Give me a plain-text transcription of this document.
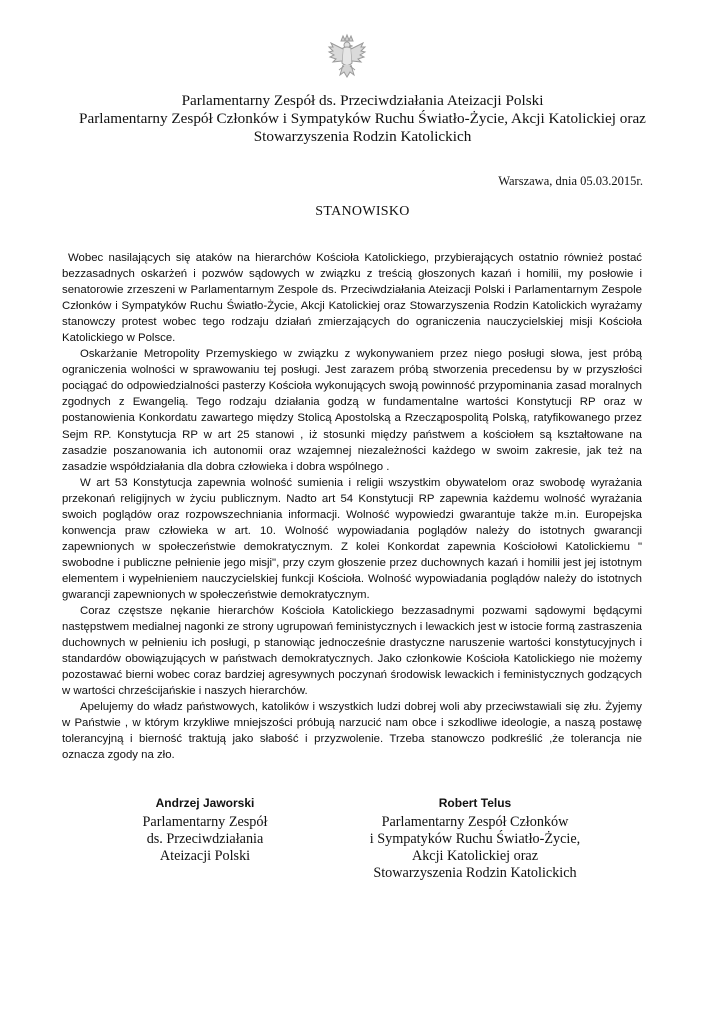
Parlamentarny Zespół ds. Przeciwdziałania Ateizacji Polski
Parlamentarny Zespół Członków i Sympatyków Ruchu Światło-Życie, Akcji Katolickiej oraz
Stowarzyszenia Rodzin Katolickich
Warszawa, dnia 05.03.2015r.
STANOWISKO

Wobec nasilających się ataków na hierarchów Kościoła Katolickiego, przybierających ostatnio również postać bezzasadnych oskarżeń i pozwów sądowych w związku z treścią głoszonych kazań i homilii, my posłowie i senatorowie zrzeszeni w Parlamentarnym Zespole ds. Przeciwdziałania Ateizacji Polski i Parlamentarnym Zespole Członków i Sympatyków Ruchu Światło-Życie, Akcji Katolickiej oraz Stowarzyszenia Rodzin Katolickich wyrażamy stanowczy protest wobec tego rodzaju działań zmierzających do ograniczenia nauczycielskiej misji Kościoła Katolickiego w Polsce.

Oskarżanie Metropolity Przemyskiego w związku z wykonywaniem przez niego posługi słowa, jest próbą ograniczenia wolności w sprawowaniu tej posługi. Jest zarazem próbą stworzenia precedensu by w przyszłości pociągać do odpowiedzialności pasterzy Kościoła wykonujących swoją powinność przypominania zasad moralnych zgodnych z Ewangelią. Tego rodzaju działania godzą w fundamentalne wartości Konstytucji RP oraz w postanowienia Konkordatu zawartego między Stolicą Apostolską a Rzecząpospolitą Polską, ratyfikowanego przez Sejm RP. Konstytucja RP w art 25 stanowi , iż stosunki między państwem a kościołem są kształtowane na zasadzie poszanowania ich autonomii oraz wzajemnej niezależności każdego w swoim zakresie, jak też na zasadzie współdziałania dla dobra człowieka i dobra wspólnego .

W art 53 Konstytucja zapewnia wolność sumienia i religii wszystkim obywatelom oraz swobodę wyrażania przekonań religijnych w życiu publicznym. Nadto art 54 Konstytucji RP zapewnia każdemu wolność wyrażania swoich poglądów oraz rozpowszechniania informacji. Wolność wypowiedzi gwarantuje także m.in. Europejska konwencja praw człowieka w art. 10. Wolność wypowiadania poglądów należy do istotnych gwarancji zapewnionych w społeczeństwie demokratycznym. Z kolei Konkordat zapewnia Kościołowi Katolickiemu " swobodne i publiczne pełnienie jego misji", przy czym głoszenie przez duchownych kazań i homilii jest jej istotnym elementem i wypełnieniem nauczycielskiej funkcji Kościoła. Wolność wypowiadania poglądów należy do istotnych gwarancji zapewnionych w społeczeństwie demokratycznym.

Coraz częstsze nękanie hierarchów Kościoła Katolickiego bezzasadnymi pozwami sądowymi będącymi następstwem medialnej nagonki ze strony ugrupowań feministycznych i lewackich jest w istocie formą zastraszenia duchownych w pełnieniu ich posługi, p stanowiąc jednocześnie drastyczne naruszenie wartości konstytucyjnych i standardów obowiązujących w państwach demokratycznych. Jako członkowie Kościoła Katolickiego nie możemy pozostawać bierni wobec coraz bardziej agresywnych poczynań środowisk lewackich i feministycznych godzących w wartości chrześcijańskie i naszych hierarchów.

Apelujemy do władz państwowych, katolików i wszystkich ludzi dobrej woli aby przeciwstawiali się złu. Żyjemy w Państwie , w którym krzykliwe mniejszości próbują narzucić nam obce i szkodliwe ideologie, a naszą postawę tolerancyjną i bierność traktują jako słabość i przyzwolenie. Trzeba stanowczo podkreślić ,że tolerancja nie oznacza zgody na zło.

Andrzej Jaworski
Parlamentarny Zespół
ds. Przeciwdziałania
Ateizacji Polski
Robert Telus
Parlamentarny Zespół Członków
i Sympatyków Ruchu Światło-Życie,
Akcji Katolickiej oraz
Stowarzyszenia Rodzin Katolickich
